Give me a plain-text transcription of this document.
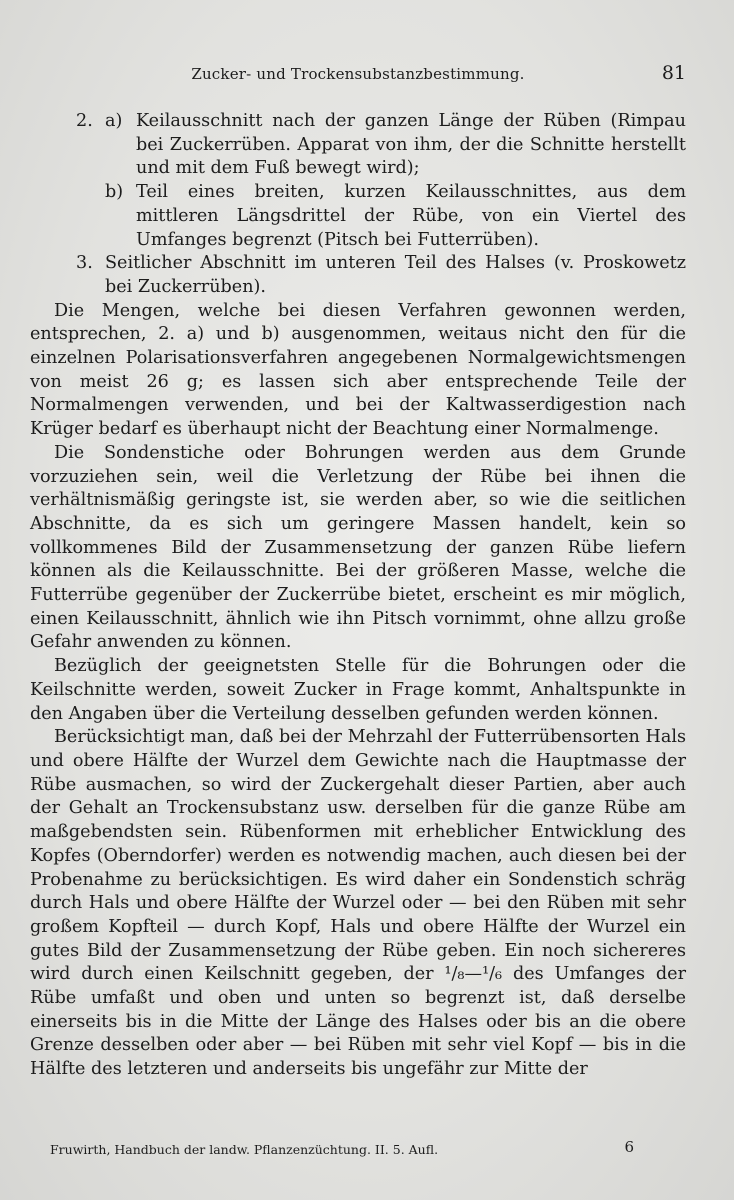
Zucker- und Trockensubstanzbestimmung.	81
2. a) Keilausschnitt nach der ganzen Länge der Rüben (Rimpau bei Zuckerrüben. Apparat von ihm, der die Schnitte herstellt und mit dem Fuß bewegt wird);
b) Teil eines breiten, kurzen Keilausschnittes, aus dem mittleren Längsdrittel der Rübe, von ein Viertel des Umfanges begrenzt (Pitsch bei Futterrüben).
3. Seitlicher Abschnitt im unteren Teil des Halses (v. Proskowetz bei Zuckerrüben).

Die Mengen, welche bei diesen Verfahren gewonnen werden, entsprechen, 2. a) und b) ausgenommen, weitaus nicht den für die einzelnen Polarisationsverfahren angegebenen Normalgewichtsmengen von meist 26 g; es lassen sich aber entsprechende Teile der Normalmengen verwenden, und bei der Kaltwasserdigestion nach Krüger bedarf es überhaupt nicht der Beachtung einer Normalmenge.

Die Sondenstiche oder Bohrungen werden aus dem Grunde vorzuziehen sein, weil die Verletzung der Rübe bei ihnen die verhältnismäßig geringste ist, sie werden aber, so wie die seitlichen Abschnitte, da es sich um geringere Massen handelt, kein so vollkommenes Bild der Zusammensetzung der ganzen Rübe liefern können als die Keilausschnitte. Bei der größeren Masse, welche die Futterrübe gegenüber der Zuckerrübe bietet, erscheint es mir möglich, einen Keilausschnitt, ähnlich wie ihn Pitsch vornimmt, ohne allzu große Gefahr anwenden zu können.

Bezüglich der geeignetsten Stelle für die Bohrungen oder die Keilschnitte werden, soweit Zucker in Frage kommt, Anhaltspunkte in den Angaben über die Verteilung desselben gefunden werden können.

Berücksichtigt man, daß bei der Mehrzahl der Futterrübensorten Hals und obere Hälfte der Wurzel dem Gewichte nach die Hauptmasse der Rübe ausmachen, so wird der Zuckergehalt dieser Partien, aber auch der Gehalt an Trockensubstanz usw. derselben für die ganze Rübe am maßgebendsten sein. Rübenformen mit erheblicher Entwicklung des Kopfes (Oberndorfer) werden es notwendig machen, auch diesen bei der Probenahme zu berücksichtigen. Es wird daher ein Sondenstich schräg durch Hals und obere Hälfte der Wurzel oder — bei den Rüben mit sehr großem Kopfteil — durch Kopf, Hals und obere Hälfte der Wurzel ein gutes Bild der Zusammensetzung der Rübe geben. Ein noch sichereres wird durch einen Keilschnitt gegeben, der ¹/₈—¹/₆ des Umfanges der Rübe umfaßt und oben und unten so begrenzt ist, daß derselbe einerseits bis in die Mitte der Länge des Halses oder bis an die obere Grenze desselben oder aber — bei Rüben mit sehr viel Kopf — bis in die Hälfte des letzteren und anderseits bis ungefähr zur Mitte der

Fruwirth, Handbuch der landw. Pflanzenzüchtung. II. 5. Aufl.	6
